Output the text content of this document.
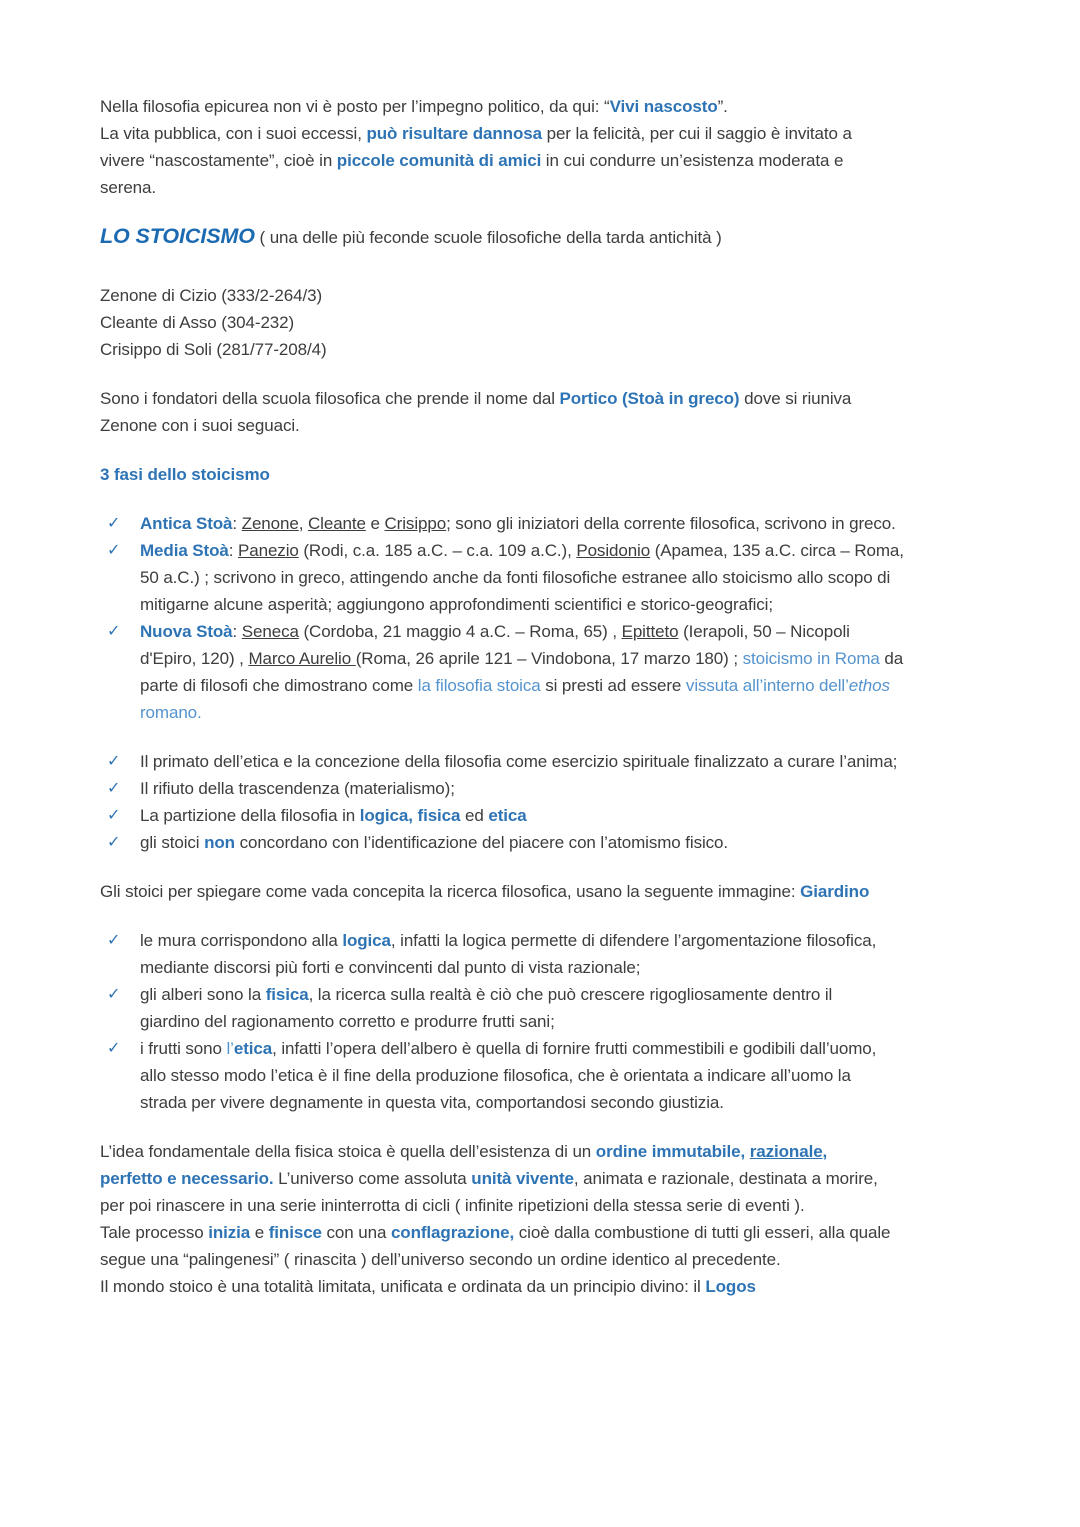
Nella filosofia epicurea non vi è posto per l’impegno politico, da qui: “Vivi nascosto”.
La vita pubblica, con i suoi eccessi, può risultare dannosa per la felicità, per cui il saggio è invitato a
vivere “nascostamente”, cioè in piccole comunità di amici in cui condurre un’esistenza moderata e
serena.
LO STOICISMO ( una delle più feconde scuole filosofiche della tarda antichità )
Zenone di Cizio (333/2-264/3)
Cleante di Asso (304-232)
Crisippo di Soli (281/77-208/4)
Sono i fondatori della scuola filosofica che prende il nome dal Portico (Stoà in greco) dove si riuniva
Zenone con i suoi seguaci.
3 fasi dello stoicismo
✓ Antica Stoà: Zenone, Cleante e Crisippo; sono gli iniziatori della corrente filosofica, scrivono in greco.
✓ Media Stoà: Panezio (Rodi, c.a. 185 a.C. – c.a. 109 a.C.), Posidonio (Apamea, 135 a.C. circa – Roma,
50 a.C.) ; scrivono in greco, attingendo anche da fonti filosofiche estranee allo stoicismo allo scopo di
mitigarne alcune asperità; aggiungono approfondimenti scientifici e storico-geografici;
✓ Nuova Stoà: Seneca (Cordoba, 21 maggio 4 a.C. – Roma, 65) , Epitteto (Ierapoli, 50 – Nicopoli
d'Epiro, 120) , Marco Aurelio (Roma, 26 aprile 121 – Vindobona, 17 marzo 180) ; stoicismo in Roma da
parte di filosofi che dimostrano come la filosofia stoica si presti ad essere vissuta all’interno dell’ethos
romano.
✓ Il primato dell’etica e la concezione della filosofia come esercizio spirituale finalizzato a curare l’anima;
✓ Il rifiuto della trascendenza (materialismo);
✓ La partizione della filosofia in logica, fisica ed etica
✓ gli stoici non concordano con l’identificazione del piacere con l’atomismo fisico.
Gli stoici per spiegare come vada concepita la ricerca filosofica, usano la seguente immagine: Giardino
✓ le mura corrispondono alla logica, infatti la logica permette di difendere l’argomentazione filosofica,
mediante discorsi più forti e convincenti dal punto di vista razionale;
✓ gli alberi sono la fisica, la ricerca sulla realtà è ciò che può crescere rigogliosamente dentro il
giardino del ragionamento corretto e produrre frutti sani;
✓ i frutti sono l’etica, infatti l’opera dell’albero è quella di fornire frutti commestibili e godibili dall’uomo,
allo stesso modo l’etica è il fine della produzione filosofica, che è orientata a indicare all’uomo la
strada per vivere degnamente in questa vita, comportandosi secondo giustizia.
L’idea fondamentale della fisica stoica è quella dell’esistenza di un ordine immutabile, razionale,
perfetto e necessario. L’universo come assoluta unità vivente, animata e razionale, destinata a morire,
per poi rinascere in una serie ininterrotta di cicli ( infinite ripetizioni della stessa serie di eventi ).
Tale processo inizia e finisce con una conflagrazione, cioè dalla combustione di tutti gli esseri, alla quale
segue una “palingenesi” ( rinascita ) dell’universo secondo un ordine identico al precedente.
Il mondo stoico è una totalità limitata, unificata e ordinata da un principio divino: il Logos
